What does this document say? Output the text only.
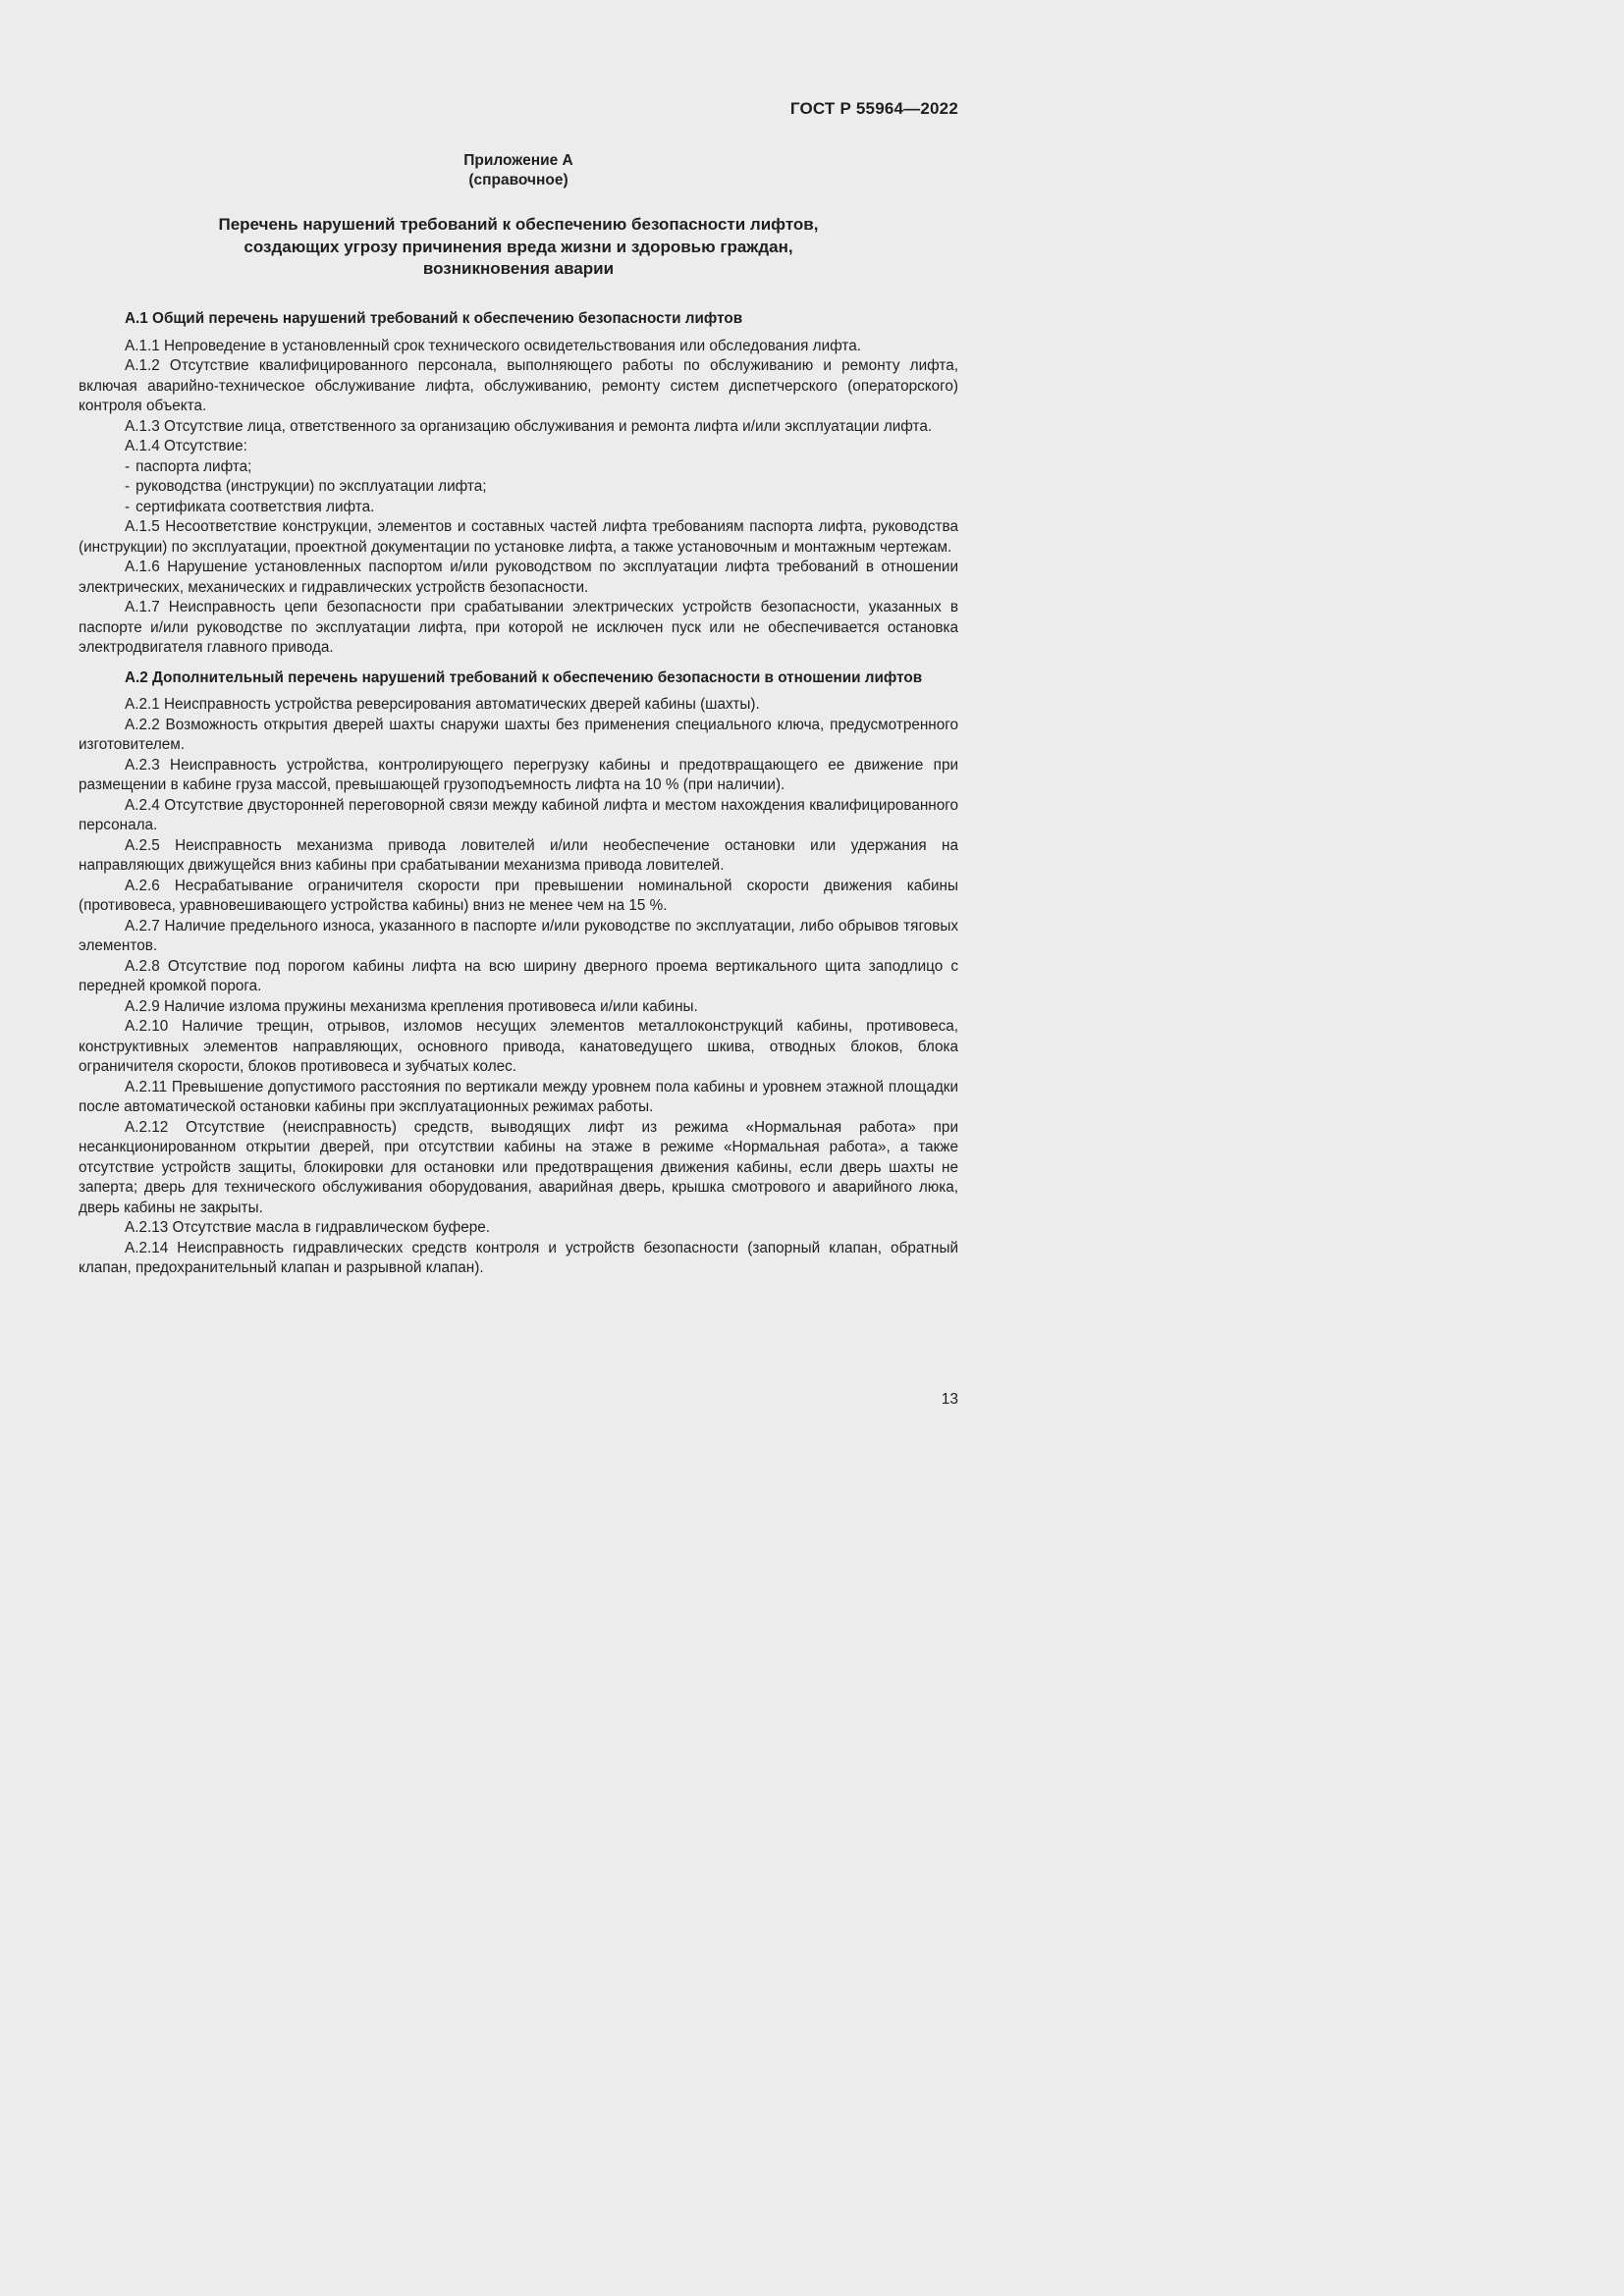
ГОСТ Р 55964—2022
Приложение А
(справочное)
Перечень нарушений требований к обеспечению безопасности лифтов,
создающих угрозу причинения вреда жизни и здоровью граждан,
возникновения аварии
А.1 Общий перечень нарушений требований к обеспечению безопасности лифтов

А.1.1 Непроведение в установленный срок технического освидетельствования или обследования лифта.

А.1.2 Отсутствие квалифицированного персонала, выполняющего работы по обслуживанию и ремонту лифта, включая аварийно-техническое обслуживание лифта, обслуживанию, ремонту систем диспетчерского (операторского) контроля объекта.

А.1.3 Отсутствие лица, ответственного за организацию обслуживания и ремонта лифта и/или эксплуатации лифта.

А.1.4 Отсутствие:

- паспорта лифта;

- руководства (инструкции) по эксплуатации лифта;

- сертификата соответствия лифта.

А.1.5 Несоответствие конструкции, элементов и составных частей лифта требованиям паспорта лифта, руководства (инструкции) по эксплуатации, проектной документации по установке лифта, а также установочным и монтажным чертежам.

А.1.6 Нарушение установленных паспортом и/или руководством по эксплуатации лифта требований в отношении электрических, механических и гидравлических устройств безопасности.

А.1.7 Неисправность цепи безопасности при срабатывании электрических устройств безопасности, указанных в паспорте и/или руководстве по эксплуатации лифта, при которой не исключен пуск или не обеспечивается остановка электродвигателя главного привода.

А.2 Дополнительный перечень нарушений требований к обеспечению безопасности в отношении лифтов

А.2.1 Неисправность устройства реверсирования автоматических дверей кабины (шахты).

А.2.2 Возможность открытия дверей шахты снаружи шахты без применения специального ключа, предусмотренного изготовителем.

А.2.3 Неисправность устройства, контролирующего перегрузку кабины и предотвращающего ее движение при размещении в кабине груза массой, превышающей грузоподъемность лифта на 10 % (при наличии).

А.2.4 Отсутствие двусторонней переговорной связи между кабиной лифта и местом нахождения квалифицированного персонала.

А.2.5 Неисправность механизма привода ловителей и/или необеспечение остановки или удержания на направляющих движущейся вниз кабины при срабатывании механизма привода ловителей.

А.2.6 Несрабатывание ограничителя скорости при превышении номинальной скорости движения кабины (противовеса, уравновешивающего устройства кабины) вниз не менее чем на 15 %.

А.2.7 Наличие предельного износа, указанного в паспорте и/или руководстве по эксплуатации, либо обрывов тяговых элементов.

А.2.8 Отсутствие под порогом кабины лифта на всю ширину дверного проема вертикального щита заподлицо с передней кромкой порога.

А.2.9 Наличие излома пружины механизма крепления противовеса и/или кабины.

А.2.10 Наличие трещин, отрывов, изломов несущих элементов металлоконструкций кабины, противовеса, конструктивных элементов направляющих, основного привода, канатоведущего шкива, отводных блоков, блока ограничителя скорости, блоков противовеса и зубчатых колес.

А.2.11 Превышение допустимого расстояния по вертикали между уровнем пола кабины и уровнем этажной площадки после автоматической остановки кабины при эксплуатационных режимах работы.

А.2.12 Отсутствие (неисправность) средств, выводящих лифт из режима «Нормальная работа» при несанкционированном открытии дверей, при отсутствии кабины на этаже в режиме «Нормальная работа», а также отсутствие устройств защиты, блокировки для остановки или предотвращения движения кабины, если дверь шахты не заперта; дверь для технического обслуживания оборудования, аварийная дверь, крышка смотрового и аварийного люка, дверь кабины не закрыты.

А.2.13 Отсутствие масла в гидравлическом буфере.

А.2.14 Неисправность гидравлических средств контроля и устройств безопасности (запорный клапан, обратный клапан, предохранительный клапан и разрывной клапан).

13
